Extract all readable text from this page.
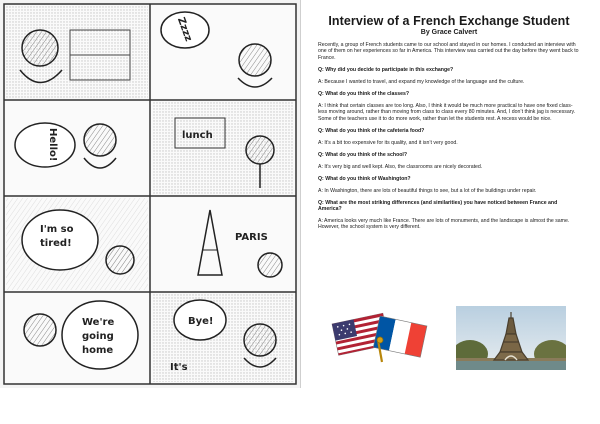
Zzzz
Hello!	lunch
I'm so
tired!
PARIS
We're
going
home
Bye!
It's
Interview of a French Exchange Student
By Grace Calvert

Recently, a group of French students came to our school and stayed in our homes. I conducted an interview with one of them on her experiences so far in America. This interview was carried out the day before they went back to France.

Q: Why did you decide to participate in this exchange?

A: Because I wanted to travel, and expand my knowledge of the language and the culture.

Q: What do you think of the classes?

A: I think that certain classes are too long. Also, I think it would be much more practical to have one fixed class- less moving around, rather than moving from class to class every 80 minutes. And, I don’t think jag is necessary. Some of the teachers use it to do more work, rather than let the students rest. A recess would be nice.

Q: What do you think of the cafeteria food?

A: It’s a bit too expensive for its quality, and it isn’t very good.

Q: What do you think of the school?

A: It’s very big and well kept. Also, the classrooms are nicely decorated.

Q: What do you think of Washington?

A: In Washington, there are lots of beautiful things to see, but a lot of the buildings under repair.

Q: What are the most striking differences (and similarities) you have noticed between France and America?

A: America looks very much like France. There are lots of monuments, and the landscape is almost the same. However, the school system is very different.
